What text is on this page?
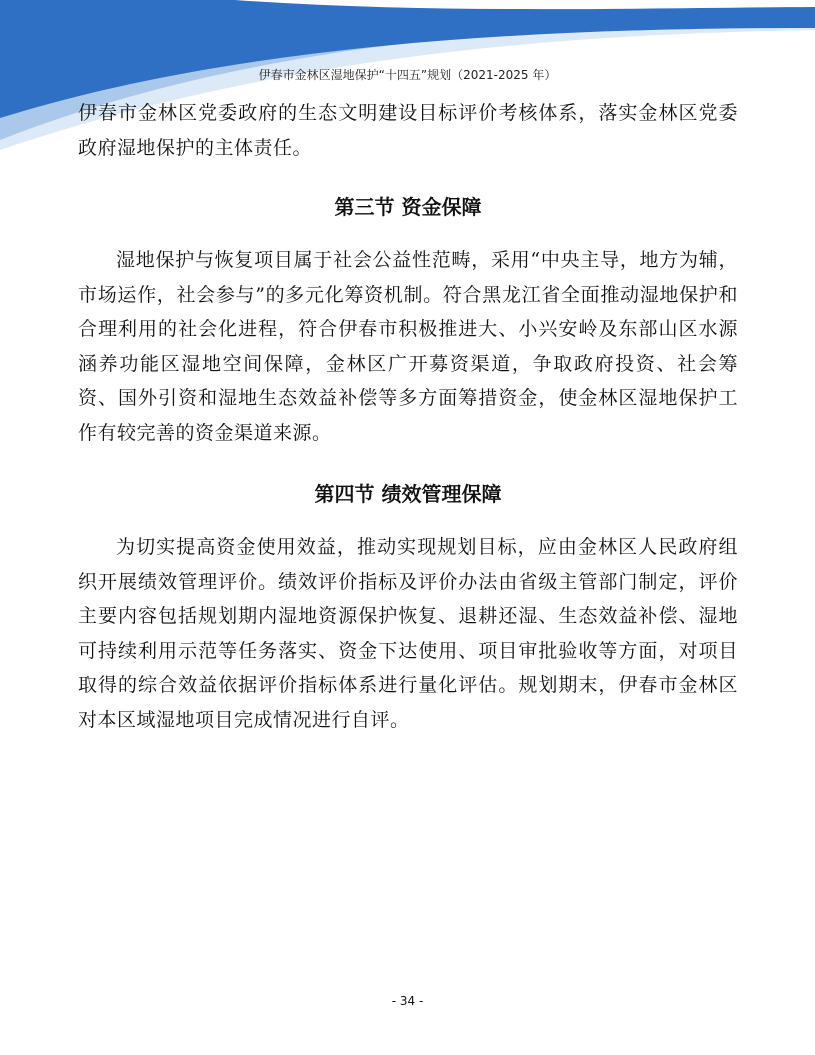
伊春市金林区湿地保护“十四五”规划（2021-2025 年）

伊春市金林区党委政府的生态文明建设目标评价考核体系，落实金林区党委政府湿地保护的主体责任。

第三节 资金保障

湿地保护与恢复项目属于社会公益性范畴，采用“中央主导，地方为辅，市场运作，社会参与”的多元化筹资机制。符合黑龙江省全面推动湿地保护和合理利用的社会化进程，符合伊春市积极推进大、小兴安岭及东部山区水源涵养功能区湿地空间保障，金林区广开募资渠道，争取政府投资、社会筹资、国外引资和湿地生态效益补偿等多方面筹措资金，使金林区湿地保护工作有较完善的资金渠道来源。

第四节 绩效管理保障

为切实提高资金使用效益，推动实现规划目标，应由金林区人民政府组织开展绩效管理评价。绩效评价指标及评价办法由省级主管部门制定，评价主要内容包括规划期内湿地资源保护恢复、退耕还湿、生态效益补偿、湿地可持续利用示范等任务落实、资金下达使用、项目审批验收等方面，对项目取得的综合效益依据评价指标体系进行量化评估。规划期末，伊春市金林区对本区域湿地项目完成情况进行自评。

- 34 -
